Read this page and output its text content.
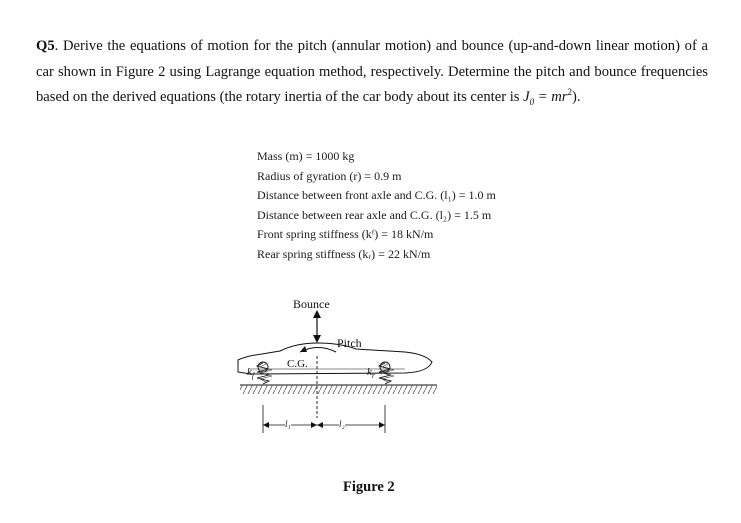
Q5. Derive the equations of motion for the pitch (annular motion) and bounce (up-and-down linear motion) of a car shown in Figure 2 using Lagrange equation method, respectively. Determine the pitch and bounce frequencies based on the derived equations (the rotary inertia of the car body about its center is $J_0 = mr^2$).
Mass (m) = 1000 kg
Radius of gyration (r) = 0.9 m
Distance between front axle and C.G. (l₁) = 1.0 m
Distance between rear axle and C.G. (l₂) = 1.5 m
Front spring stiffness (kᶠ) = 18 kN/m
Rear spring stiffness (kᵣ) = 22 kN/m
Bounce
Pitch
C.G.
$k_f$	$k_r$
l₁	l₂
Figure 2
